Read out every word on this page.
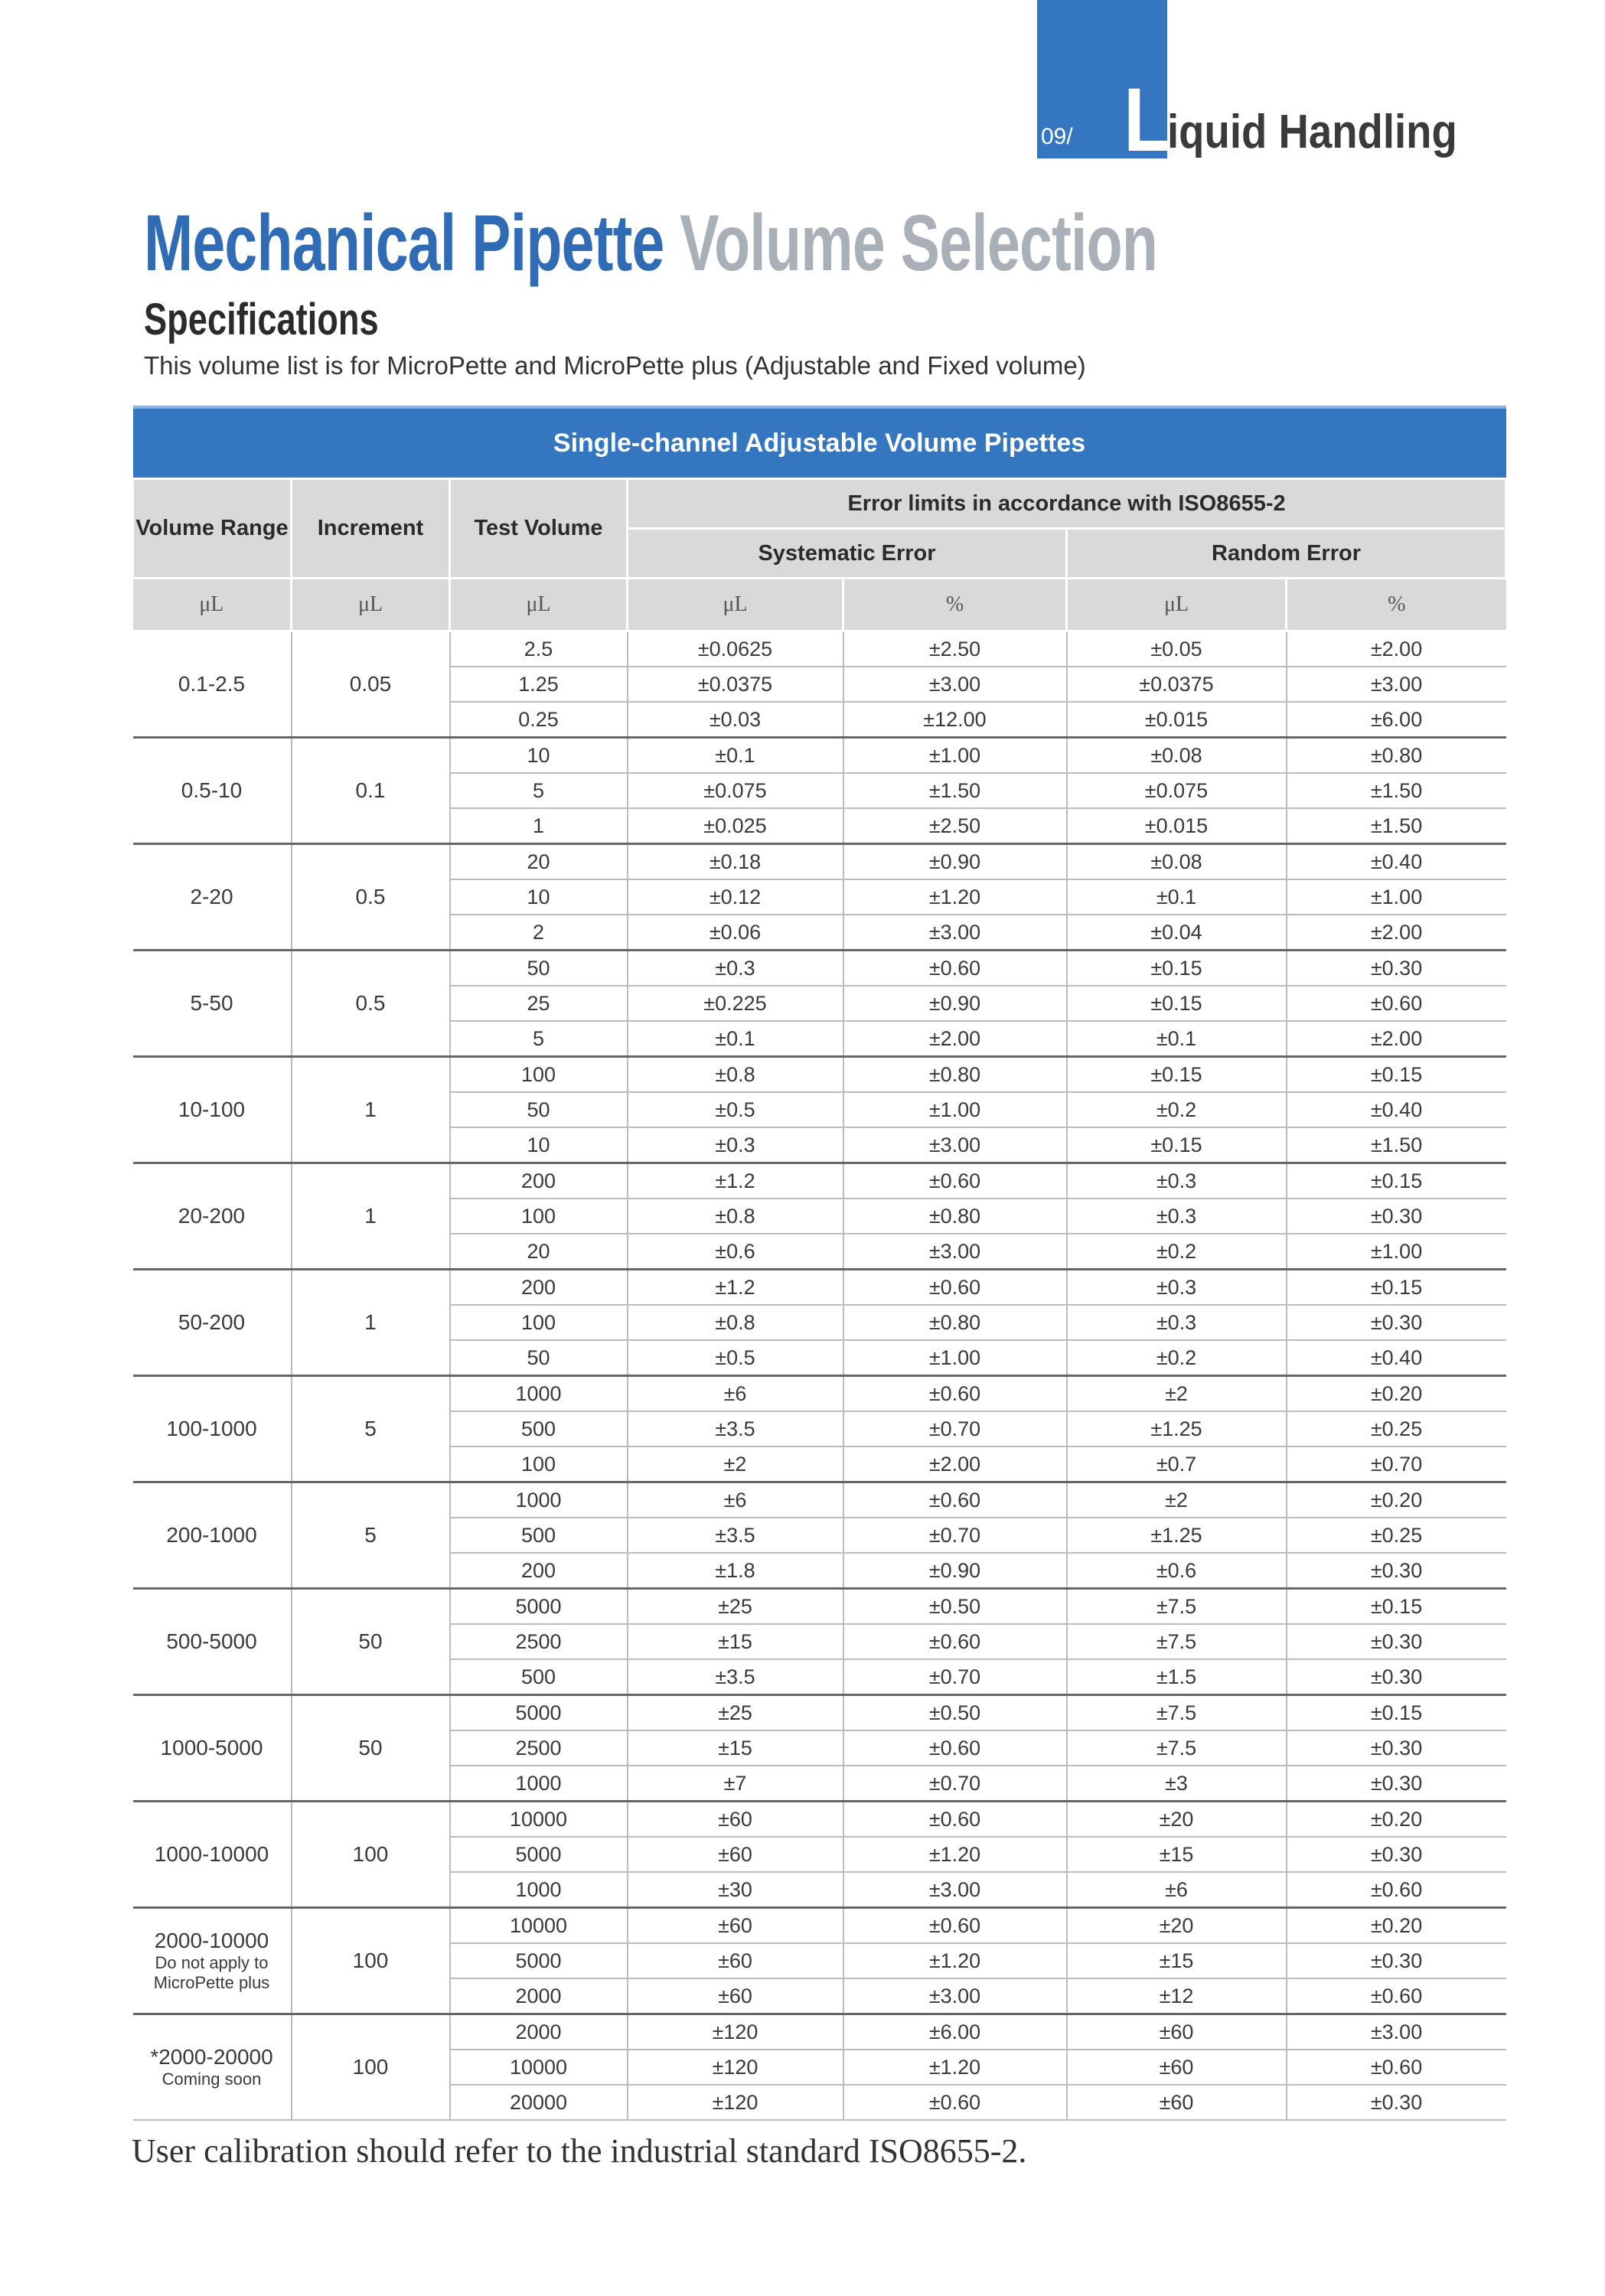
09/ L
iquid Handling
Mechanical Pipette Volume Selection
Specifications
This volume list is for MicroPette and MicroPette plus (Adjustable and Fixed volume)
Single-channel Adjustable Volume Pipettes						
Volume Range	Increment	Test Volume	Error limits in accordance with ISO8655-2			
			Systematic Error		Random Error	
μL	μL	μL	μL	%	μL	%
0.1-2.5	0.05	2.5	±0.0625	±2.50	±0.05	±2.00
		1.25	±0.0375	±3.00	±0.0375	±3.00
		0.25	±0.03	±12.00	±0.015	±6.00
0.5-10	0.1	10	±0.1	±1.00	±0.08	±0.80
		5	±0.075	±1.50	±0.075	±1.50
		1	±0.025	±2.50	±0.015	±1.50
2-20	0.5	20	±0.18	±0.90	±0.08	±0.40
		10	±0.12	±1.20	±0.1	±1.00
		2	±0.06	±3.00	±0.04	±2.00
5-50	0.5	50	±0.3	±0.60	±0.15	±0.30
		25	±0.225	±0.90	±0.15	±0.60
		5	±0.1	±2.00	±0.1	±2.00
10-100	1	100	±0.8	±0.80	±0.15	±0.15
		50	±0.5	±1.00	±0.2	±0.40
		10	±0.3	±3.00	±0.15	±1.50
20-200	1	200	±1.2	±0.60	±0.3	±0.15
		100	±0.8	±0.80	±0.3	±0.30
		20	±0.6	±3.00	±0.2	±1.00
50-200	1	200	±1.2	±0.60	±0.3	±0.15
		100	±0.8	±0.80	±0.3	±0.30
		50	±0.5	±1.00	±0.2	±0.40
100-1000	5	1000	±6	±0.60	±2	±0.20
		500	±3.5	±0.70	±1.25	±0.25
		100	±2	±2.00	±0.7	±0.70
200-1000	5	1000	±6	±0.60	±2	±0.20
		500	±3.5	±0.70	±1.25	±0.25
		200	±1.8	±0.90	±0.6	±0.30
500-5000	50	5000	±25	±0.50	±7.5	±0.15
		2500	±15	±0.60	±7.5	±0.30
		500	±3.5	±0.70	±1.5	±0.30
1000-5000	50	5000	±25	±0.50	±7.5	±0.15
		2500	±15	±0.60	±7.5	±0.30
		1000	±7	±0.70	±3	±0.30
1000-10000	100	10000	±60	±0.60	±20	±0.20
		5000	±60	±1.20	±15	±0.30
		1000	±30	±3.00	±6	±0.60
2000-10000
Do not apply to MicroPette plus	100	10000	±60	±0.60	±20	±0.20
		5000	±60	±1.20	±15	±0.30
		2000	±60	±3.00	±12	±0.60
*2000-20000
Coming soon	100	2000	±120	±6.00	±60	±3.00
		10000	±120	±1.20	±60	±0.60
		20000	±120	±0.60	±60	±0.30
User calibration should refer to the industrial standard ISO8655-2.
